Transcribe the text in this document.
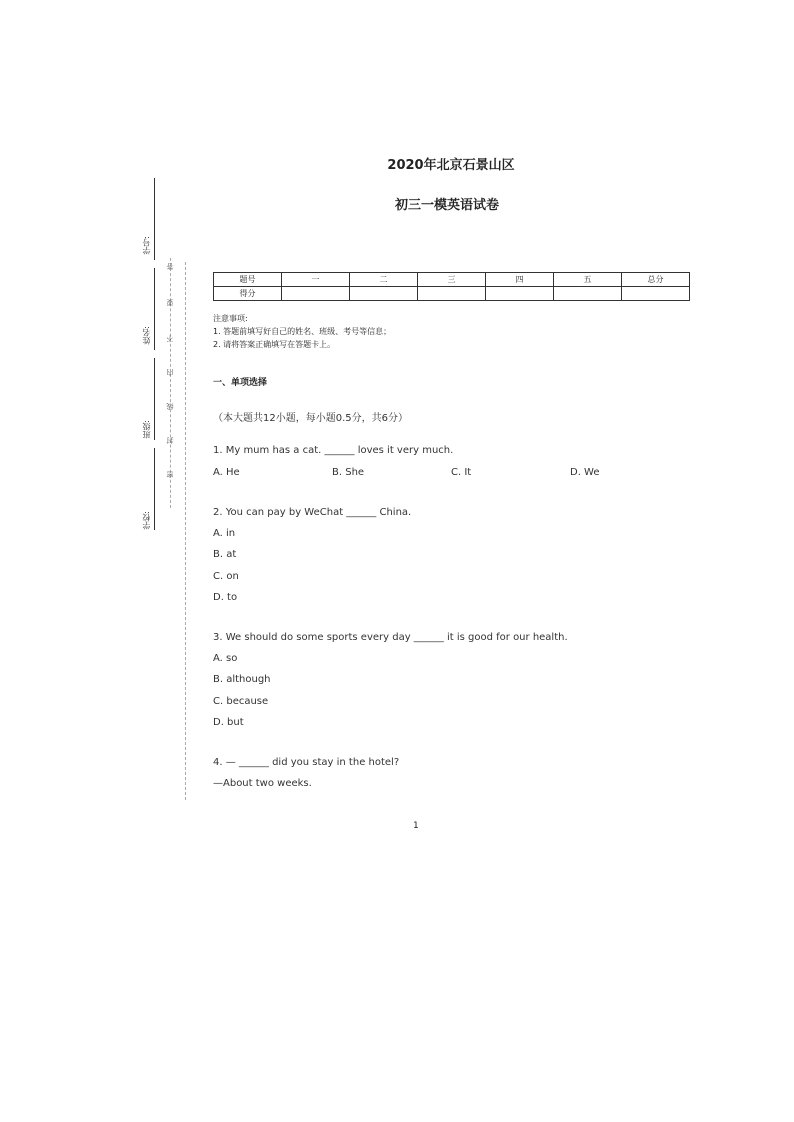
2020年北京石景山区
初三一模英语试卷
学号:
姓名:
班级:
学校:
答
要
不
内
线
封
密
题号	一	二	三	四	五	总分
得分						
注意事项:
1. 答题前填写好自己的姓名、班级、考号等信息；
2. 请将答案正确填写在答题卡上。
一、单项选择
（本大题共12小题，每小题0.5分，共6分）
1. My mum has a cat. ______ loves it very much.
A. He	B. She	C. It	D. We
2. You can pay by WeChat ______ China.
A. in
B. at
C. on
D. to
3. We should do some sports every day ______ it is good for our health.
A. so
B. although
C. because
D. but
4. — ______ did you stay in the hotel?
—About two weeks.
1
